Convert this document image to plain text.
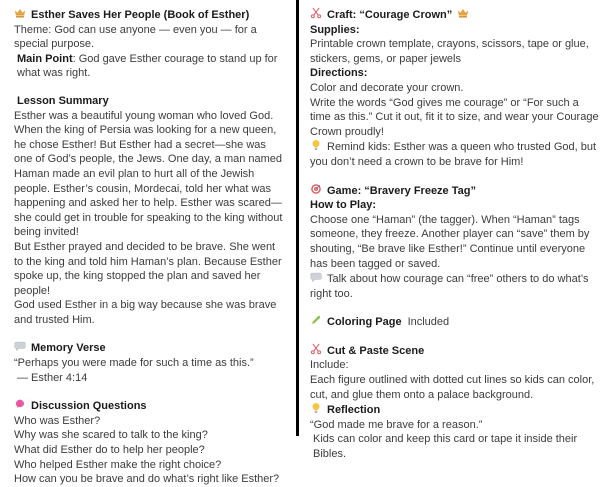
Esther Saves Her People (Book of Esther)
Theme: God can use anyone — even you — for a special purpose.
Main Point: God gave Esther courage to stand up for what was right.
Lesson Summary
Esther was a beautiful young woman who loved God. When the king of Persia was looking for a new queen, he chose Esther! But Esther had a secret—she was one of God’s people, the Jews. One day, a man named Haman made an evil plan to hurt all of the Jewish people. Esther’s cousin, Mordecai, told her what was happening and asked her to help. Esther was scared—she could get in trouble for speaking to the king without being invited!
But Esther prayed and decided to be brave. She went to the king and told him Haman’s plan. Because Esther spoke up, the king stopped the plan and saved her people!
God used Esther in a big way because she was brave and trusted Him.
Memory Verse
“Perhaps you were made for such a time as this.”
— Esther 4:14
Discussion Questions
Who was Esther?
Why was she scared to talk to the king?
What did Esther do to help her people?
Who helped Esther make the right choice?
How can you be brave and do what’s right like Esther?
Craft: “Courage Crown”
Supplies:
Printable crown template, crayons, scissors, tape or glue, stickers, gems, or paper jewels
Directions:
Color and decorate your crown.
Write the words “God gives me courage” or “For such a time as this.” Cut it out, fit it to size, and wear your Courage Crown proudly!
Remind kids: Esther was a queen who trusted God, but you don’t need a crown to be brave for Him!
Game: “Bravery Freeze Tag”
How to Play:
Choose one “Haman” (the tagger). When “Haman” tags someone, they freeze. Another player can “save” them by shouting, “Be brave like Esther!” Continue until everyone has been tagged or saved.
Talk about how courage can “free” others to do what’s right too.
Coloring Page Included
Cut & Paste Scene
Include:
Each figure outlined with dotted cut lines so kids can color, cut, and glue them onto a palace background.
Reflection
“God made me brave for a reason.”
Kids can color and keep this card or tape it inside their Bibles.
